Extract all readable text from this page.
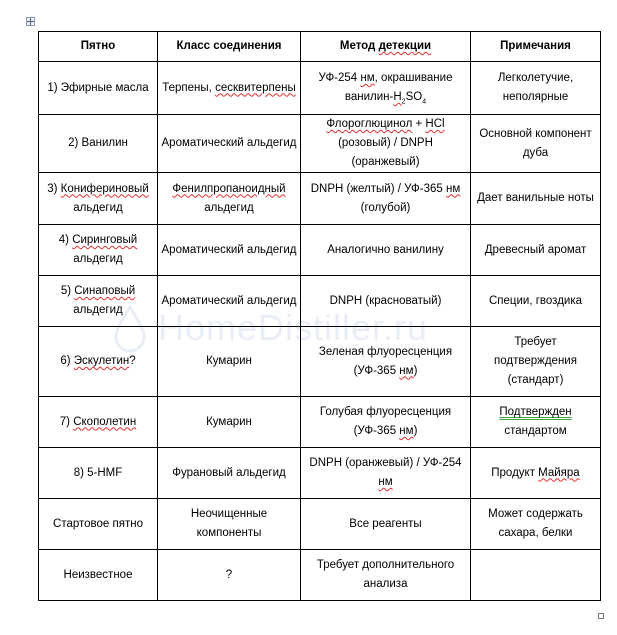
HomeDistiller.ru
Пятно	Класс соединения	Метод детекции	Примечания
1) Эфирные масла	Терпены, сесквитерпены	УФ-254 нм, окрашивание ванилин-$H_2SO_4$	Легколетучие, неполярные
2) Ванилин	Ароматический альдегид	Флороглюцинол + HCl (розовый) / DNPH (оранжевый)	Основной компонент дуба
3) Конифериновый альдегид	Фенилпропаноидный альдегид	DNPH (желтый) / УФ-365 нм (голубой)	Дает ванильные ноты
4) Сиринговый альдегид	Ароматический альдегид	Аналогично ванилину	Древесный аромат
5) Синаповый альдегид	Ароматический альдегид	DNPH (красноватый)	Специи, гвоздика
6) Эскулетин?	Кумарин	Зеленая флуоресценция (УФ-365 нм)	Требует подтверждения (стандарт)
7) Скополетин	Кумарин	Голубая флуоресценция (УФ-365 нм)	Подтвержден стандартом
8) 5-HMF	Фурановый альдегид	DNPH (оранжевый) / УФ-254 нм	Продукт Майяра
Стартовое пятно	Неочищенные компоненты	Все реагенты	Может содержать сахара, белки
Неизвестное	?	Требует дополнительного анализа	
